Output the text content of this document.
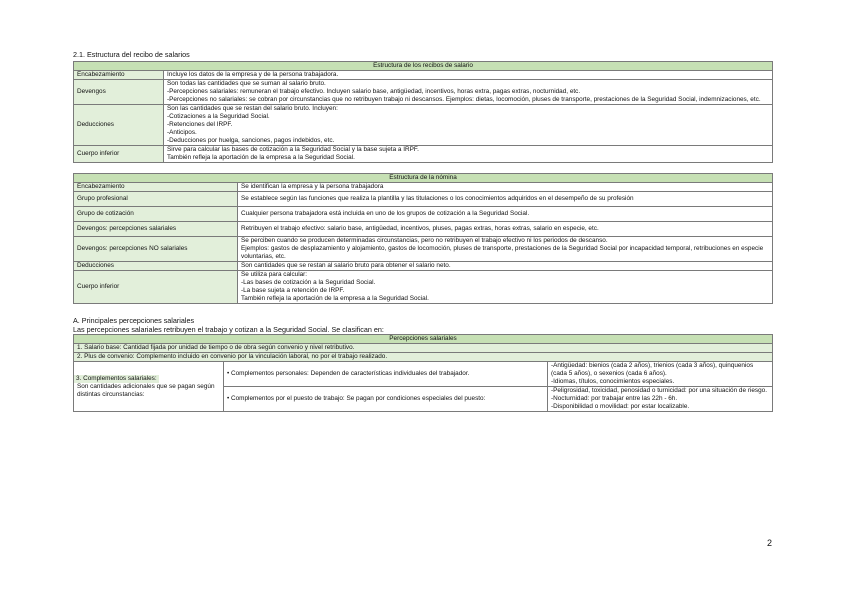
2.1. Estructura del recibo de salarios

Estructura de los recibos de salario	
Encabezamiento	Incluye los datos de la empresa y de la persona trabajadora.
Devengos	Son todas las cantidades que se suman al salario bruto.
-Percepciones salariales: remuneran el trabajo efectivo. Incluyen salario base, antigüedad, incentivos, horas extra, pagas extras, nocturnidad, etc.
-Percepciones no salariales: se cobran por circunstancias que no retribuyen trabajo ni descansos. Ejemplos: dietas, locomoción, pluses de transporte, prestaciones de la Seguridad Social, indemnizaciones, etc.
Deducciones	Son las cantidades que se restan del salario bruto. Incluyen:
-Cotizaciones a la Seguridad Social.
-Retenciones del IRPF.
-Anticipos.
-Deducciones por huelga, sanciones, pagos indebidos, etc.
Cuerpo inferior	Sirve para calcular las bases de cotización a la Seguridad Social y la base sujeta a IRPF.
También refleja la aportación de la empresa a la Seguridad Social.
Estructura de la nómina	
Encabezamiento	Se identifican la empresa y la persona trabajadora
Grupo profesional	Se establece según las funciones que realiza la plantilla y las titulaciones o los conocimientos adquiridos en el desempeño de su profesión
Grupo de cotización	Cualquier persona trabajadora está incluida en uno de los grupos de cotización a la Seguridad Social.
Devengos: percepciones salariales	Retribuyen el trabajo efectivo: salario base, antigüedad, incentivos, pluses, pagas extras, horas extras, salario en especie, etc.
Devengos: percepciones NO salariales	Se perciben cuando se producen determinadas circunstancias, pero no retribuyen el trabajo efectivo ni los periodos de descanso.
Ejemplos: gastos de desplazamiento y alojamiento, gastos de locomoción, pluses de transporte, prestaciones de la Seguridad Social por incapacidad temporal, retribuciones en especie voluntarias, etc.
Deducciones	Son cantidades que se restan al salario bruto para obtener el salario neto.
Cuerpo inferior	Se utiliza para calcular:
-Las bases de cotización a la Seguridad Social.
-La base sujeta a retención de IRPF.
También refleja la aportación de la empresa a la Seguridad Social.

A. Principales percepciones salariales

Las percepciones salariales retribuyen el trabajo y cotizan a la Seguridad Social. Se clasifican en:

Percepciones salariales		
1. Salario base: Cantidad fijada por unidad de tiempo o de obra según convenio y nivel retributivo.		
2. Plus de convenio: Complemento incluido en convenio por la vinculación laboral, no por el trabajo realizado.		
3. Complementos salariales:
Son cantidades adicionales que se pagan según distintas circunstancias:	• Complementos personales: Dependen de características individuales del trabajador.	-Antigüedad: bienios (cada 2 años), trienios (cada 3 años), quinquenios (cada 5 años), o sexenios (cada 6 años).
-Idiomas, títulos, conocimientos especiales.
	• Complementos por el puesto de trabajo: Se pagan por condiciones especiales del puesto:	-Peligrosidad, toxicidad, penosidad o turnicidad: por una situación de riesgo.
-Nocturnidad: por trabajar entre las 22h - 6h.
-Disponibilidad o movilidad: por estar localizable.
2
